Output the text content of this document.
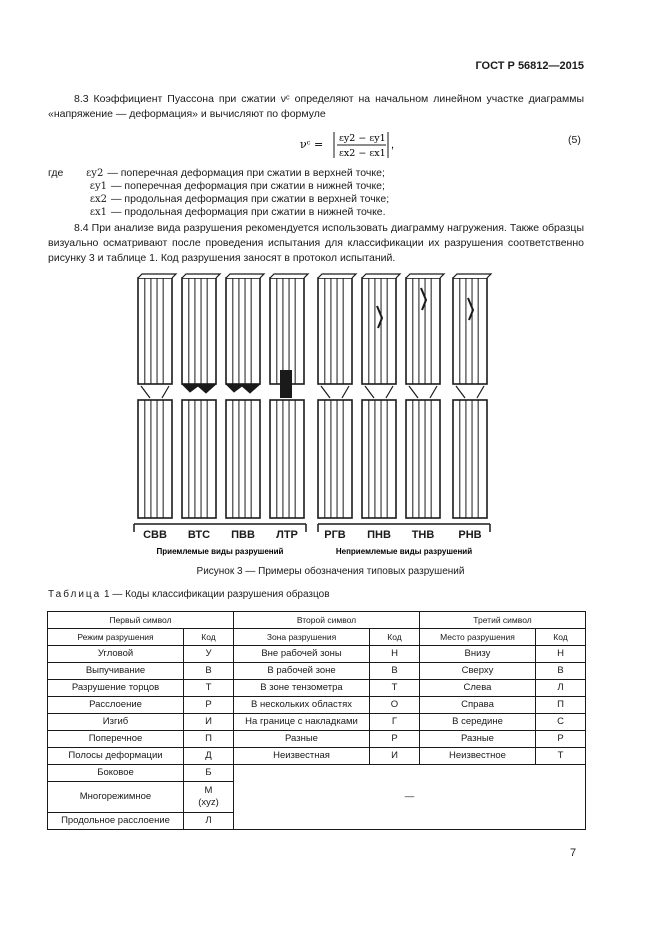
ГОСТ Р 56812—2015
8.3 Коэффициент Пуассона при сжатии νᶜ определяют на начальном линейном участке диаграммы «напряжение — деформация» и вычисляют по формуле
νᶜ = εy2 − εy1
εx2 − εx1
,	(5)
где εy2 — поперечная деформация при сжатии в верхней точке;
εy1 — поперечная деформация при сжатии в нижней точке;
εx2 — продольная деформация при сжатии в верхней точке;
εx1 — продольная деформация при сжатии в нижней точке.
8.4 При анализе вида разрушения рекомендуется использовать диаграмму нагружения. Также образцы визуально осматривают после проведения испытания для классификации их разрушения соответственно рисунку 3 и таблице 1. Код разрушения заносят в протокол испытаний.
СВВ ВТС ПВВ ЛТР РГВ ПНВ ТНВ РНВ
Приемлемые виды разрушений	Неприемлемые виды разрушений
Рисунок 3 — Примеры обозначения типовых разрушений
Таблица 1 — Коды классификации разрушения образцов
Первый символ		Второй символ		Третий символ	
Режим разрушения	Код	Зона разрушения	Код	Место разрушения	Код
Угловой	У	Вне рабочей зоны	Н	Внизу	Н
Выпучивание	В	В рабочей зоне	В	Сверху	В
Разрушение торцов	Т	В зоне тензометра	Т	Слева	Л
Расслоение	Р	В нескольких областях	О	Справа	П
Изгиб	И	На границе с накладками	Г	В середине	С
Поперечное	П	Разные	Р	Разные	Р
Полосы деформации	Д	Неизвестная	И	Неизвестное	Т
Боковое	Б	—			
Многорежимное	М (xyz)				
Продольное расслоение	Л				
7
